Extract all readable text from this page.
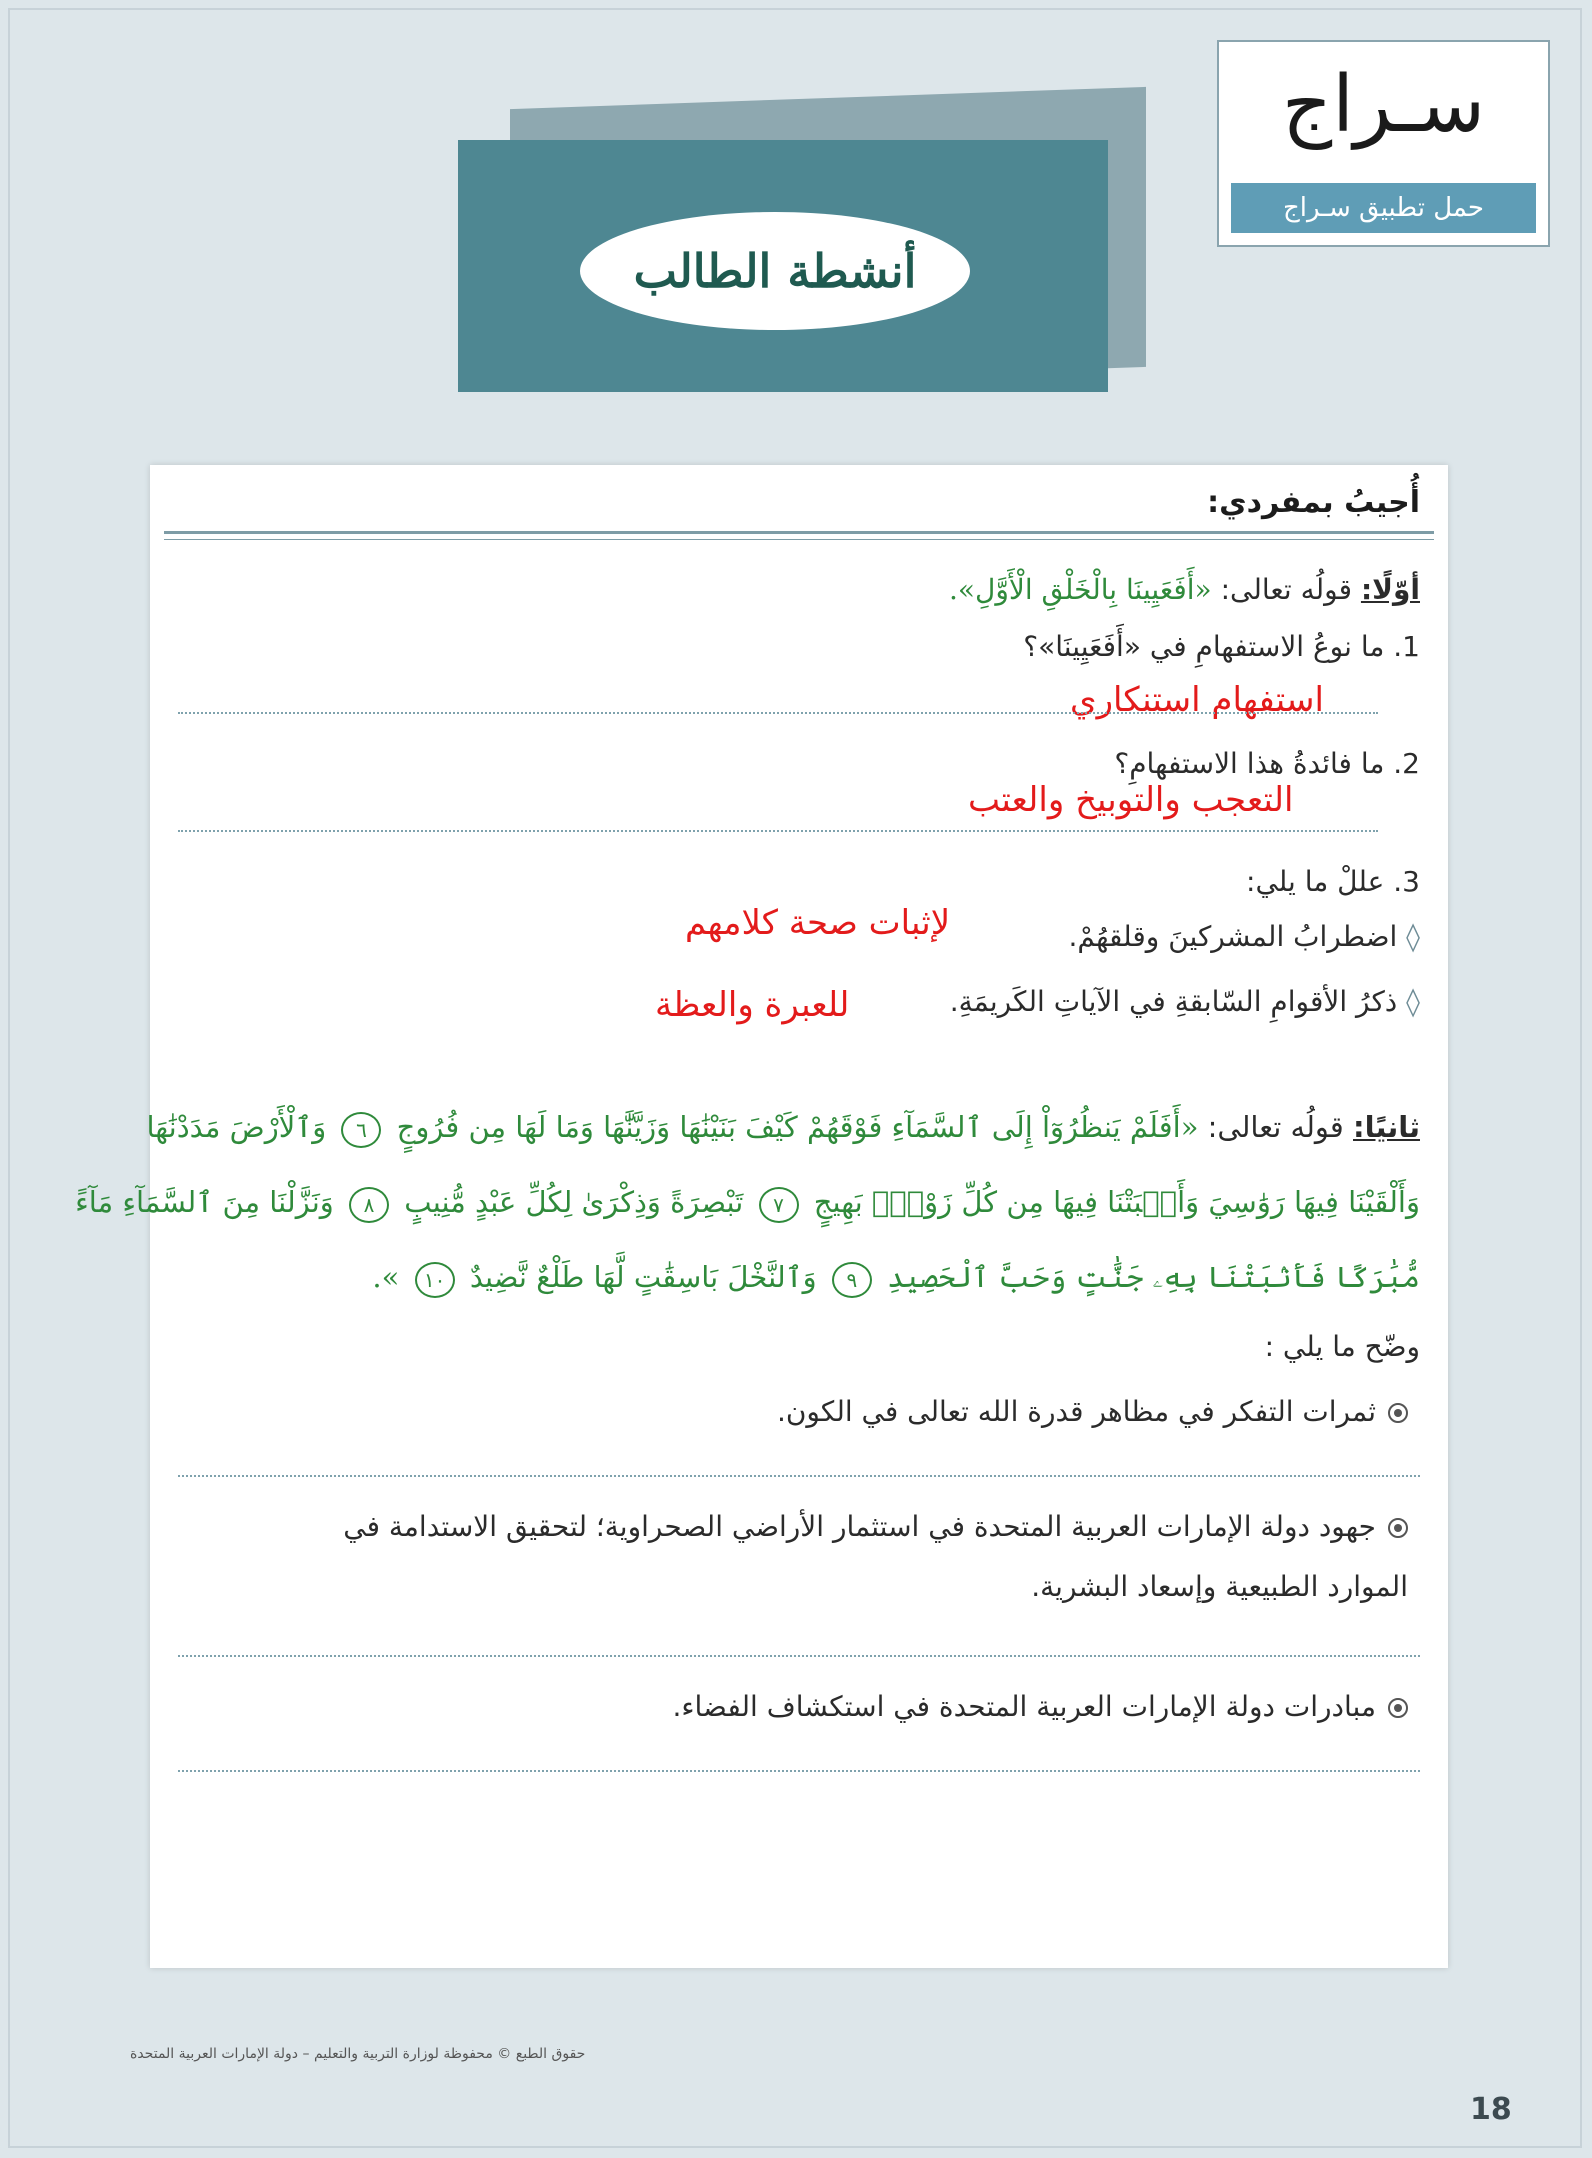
سـراج
حمل تطبيق سـراج
أنشطة الطالب
أُجيبُ بمفردي:
أوّلًا: قولُه تعالى: «أَفَعَيِينَا بِالْخَلْقِ الْأَوَّلِ».
1. ما نوعُ الاستفهامِ في «أَفَعَيِينَا»؟
استفهام استنكاري
2. ما فائدةُ هذا الاستفهامِ؟
التعجب والتوبيخ والعتب
3. عللْ ما يلي:
لإثبات صحة كلامهم	◊ اضطرابُ المشركينَ وقلقهُمْ.
للعبرة والعظة	◊ ذكرُ الأقوامِ السّابقةِ في الآياتِ الكَريمَةِ.
ثانيًا: قولُه تعالى: «أَفَلَمْ يَنظُرُوٓاْ إِلَى ٱلسَّمَآءِ فَوْقَهُمْ كَيْفَ بَنَيْنَٰهَا وَزَيَّنَّٰهَا وَمَا لَهَا مِن فُرُوجٍ ٦ وَٱلْأَرْضَ مَدَدْنَٰهَا
وَأَلْقَيْنَا فِيهَا رَوَٰسِيَ وَأَنۢبَتْنَا فِيهَا مِن كُلِّ زَوْجٍۭ بَهِيجٍ ٧ تَبْصِرَةً وَذِكْرَىٰ لِكُلِّ عَبْدٍ مُّنِيبٍ ٨ وَنَزَّلْنَا مِنَ ٱلسَّمَآءِ مَآءً
مُّبَٰرَكًا فَأَنۢبَتْنَا بِهِۦ جَنَّٰتٍ وَحَبَّ ٱلْحَصِيدِ ٩ وَٱلنَّخْلَ بَاسِقَٰتٍ لَّهَا طَلْعٌ نَّضِيدٌ ١٠ ».
وضّح ما يلي :
ثمرات التفكر في مظاهر قدرة الله تعالى في الكون.
جهود دولة الإمارات العربية المتحدة في استثمار الأراضي الصحراوية؛ لتحقيق الاستدامة في
الموارد الطبيعية وإسعاد البشرية.
مبادرات دولة الإمارات العربية المتحدة في استكشاف الفضاء.
حقوق الطبع © محفوظة لوزارة التربية والتعليم – دولة الإمارات العربية المتحدة
18
